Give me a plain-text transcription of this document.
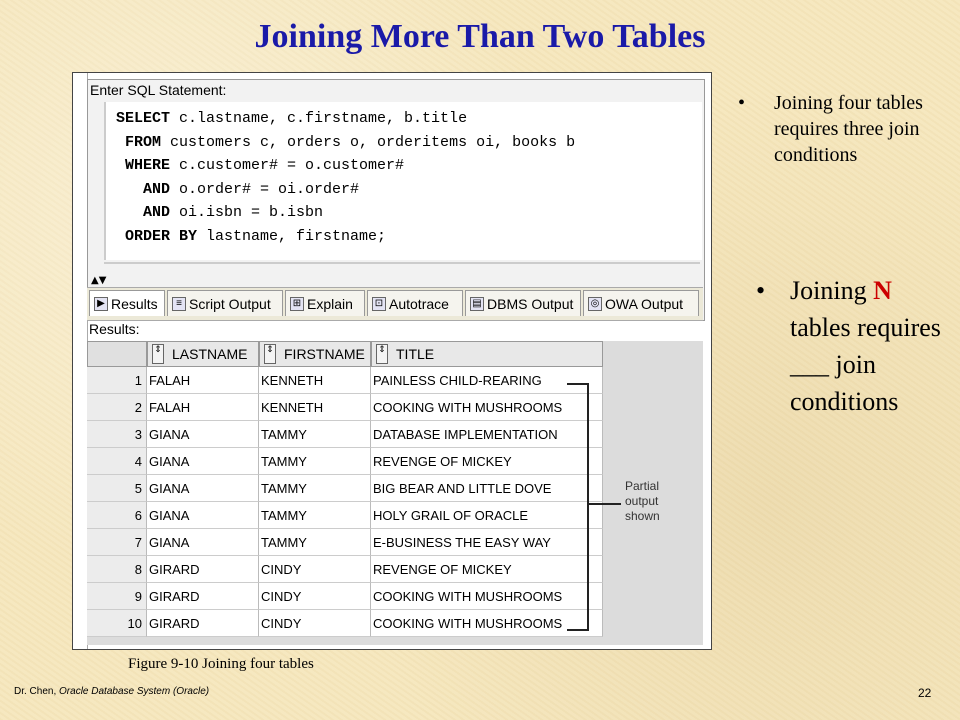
Joining More Than Two Tables
Enter SQL Statement:
SELECT c.lastname, c.firstname, b.title
FROM customers c, orders o, orderitems oi, books b
WHERE c.customer# = o.customer#
AND o.order# = oi.order#
AND oi.isbn = b.isbn
ORDER BY lastname, firstname;
▲▼
▶ Results	≡ Script Output ⊞ Explain ⊡ Autotrace ▤ DBMS Output ◎ OWA Output
Results:
⇕ LASTNAME ⇕ FIRSTNAME ⇕ TITLE
1 FALAH	KENNETH	PAINLESS CHILD-REARING
2 FALAH	KENNETH	COOKING WITH MUSHROOMS
3 GIANA	TAMMY	DATABASE IMPLEMENTATION
4 GIANA	TAMMY	REVENGE OF MICKEY
5 GIANA	TAMMY	BIG BEAR AND LITTLE DOVE
6 GIANA	TAMMY	HOLY GRAIL OF ORACLE
7 GIANA	TAMMY	E-BUSINESS THE EASY WAY
8 GIRARD	CINDY	REVENGE OF MICKEY
9 GIRARD	CINDY	COOKING WITH MUSHROOMS
10 GIRARD	CINDY	COOKING WITH MUSHROOMS
Partial
output
shown
• Joining four tables requires three join conditions
• Joining N tables requires ___ join conditions
Figure 9-10 Joining four tables
Dr. Chen, Oracle Database System (Oracle)	22
